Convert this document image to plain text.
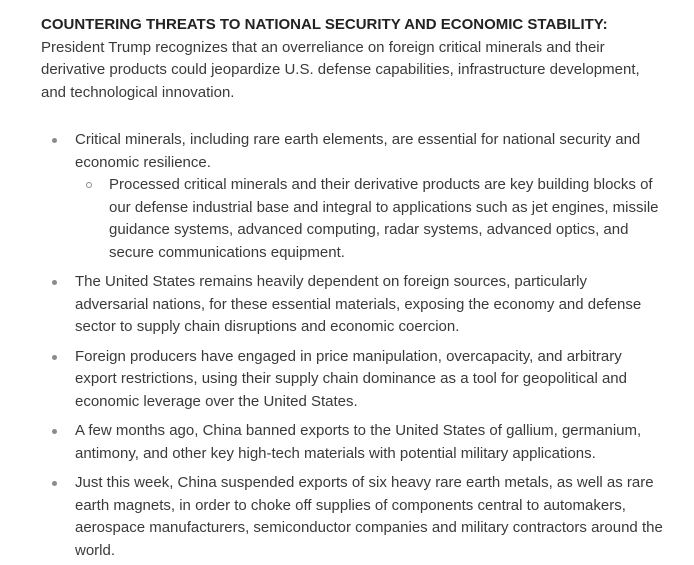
COUNTERING THREATS TO NATIONAL SECURITY AND ECONOMIC STABILITY: President Trump recognizes that an overreliance on foreign critical minerals and their derivative products could jeopardize U.S. defense capabilities, infrastructure development, and technological innovation.

Critical minerals, including rare earth elements, are essential for national security and economic resilience.
Processed critical minerals and their derivative products are key building blocks of our defense industrial base and integral to applications such as jet engines, missile guidance systems, advanced computing, radar systems, advanced optics, and secure communications equipment.
The United States remains heavily dependent on foreign sources, particularly adversarial nations, for these essential materials, exposing the economy and defense sector to supply chain disruptions and economic coercion.
Foreign producers have engaged in price manipulation, overcapacity, and arbitrary export restrictions, using their supply chain dominance as a tool for geopolitical and economic leverage over the United States.
A few months ago, China banned exports to the United States of gallium, germanium, antimony, and other key high-tech materials with potential military applications.
Just this week, China suspended exports of six heavy rare earth metals, as well as rare earth magnets, in order to choke off supplies of components central to automakers, aerospace manufacturers, semiconductor companies and military contractors around the world.
